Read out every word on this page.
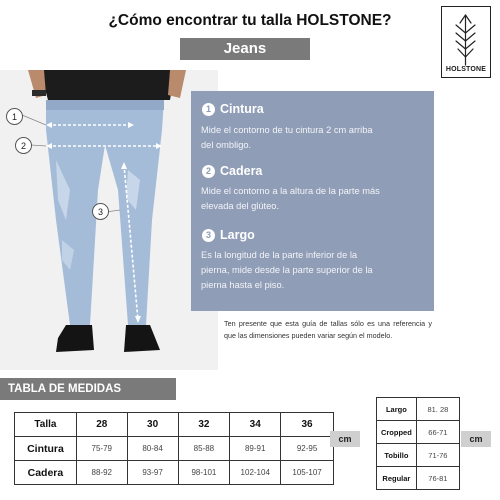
¿Cómo encontrar tu talla HOLSTONE?
Jeans
HOLSTONE
1
2
3
1 Cintura
Mide el contorno de tu cintura 2 cm arriba
del ombligo.
2 Cadera
Mide el contorno a la altura de la parte más
elevada del glúteo.
3 Largo
Es la longitud de la parte inferior de la
pierna, mide desde la parte superior de la
pierna hasta el piso.
Ten presente que esta guía de tallas sólo es una referencia y que las dimensiones pueden variar según el modelo.
TABLA DE MEDIDAS
Talla	28	30	32	34	36
Cintura	75-79	80-84	85-88	89-91	92-95
Cadera	88-92	93-97	98-101	102-104	105-107
cm
Largo	81. 28
Cropped	66-71
Tobillo	71-76
Regular	76-81
cm
